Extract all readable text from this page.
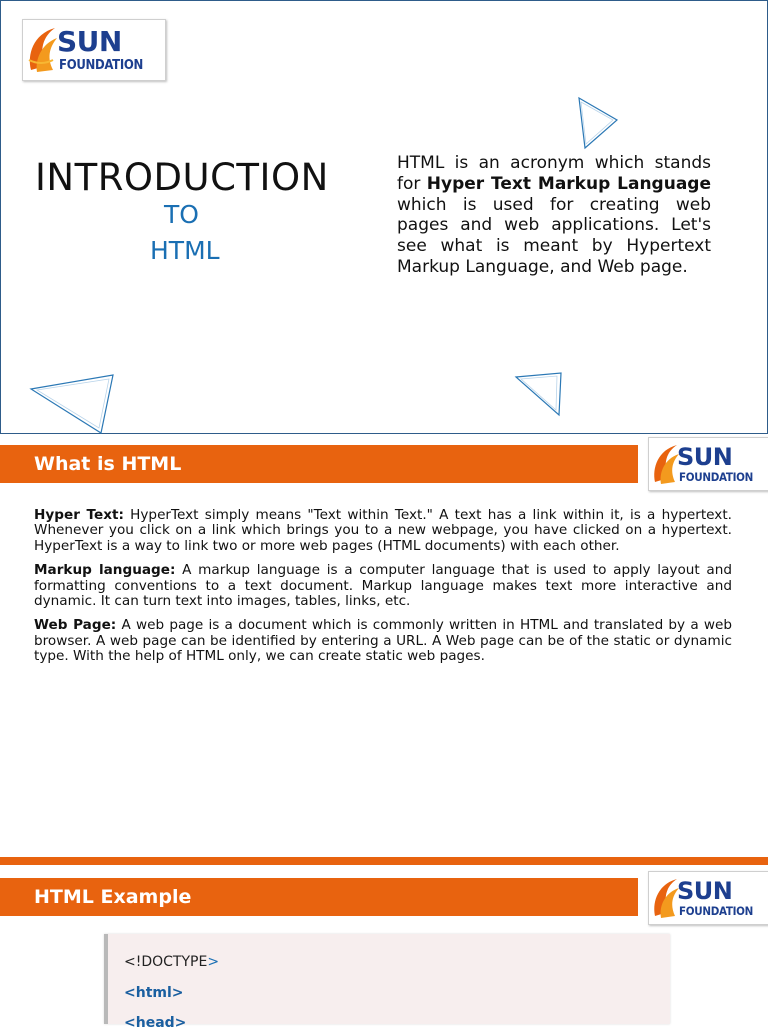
SUN
FOUNDATION
INTRODUCTION
TO
HTML
HTML is an acronym which stands for Hyper Text Markup Language which is used for creating web pages and web applications. Let's see what is meant by Hypertext Markup Language, and Web page.
What is HTML	SUN
FOUNDATION

Hyper Text: HyperText simply means "Text within Text." A text has a link within it, is a hypertext. Whenever you click on a link which brings you to a new webpage, you have clicked on a hypertext. HyperText is a way to link two or more web pages (HTML documents) with each other.

Markup language: A markup language is a computer language that is used to apply layout and formatting conventions to a text document. Markup language makes text more interactive and dynamic. It can turn text into images, tables, links, etc.

Web Page: A web page is a document which is commonly written in HTML and translated by a web browser. A web page can be identified by entering a URL. A Web page can be of the static or dynamic type. With the help of HTML only, we can create static web pages.

HTML Example	SUN
FOUNDATION
<!DOCTYPE>
<html>
<head>
